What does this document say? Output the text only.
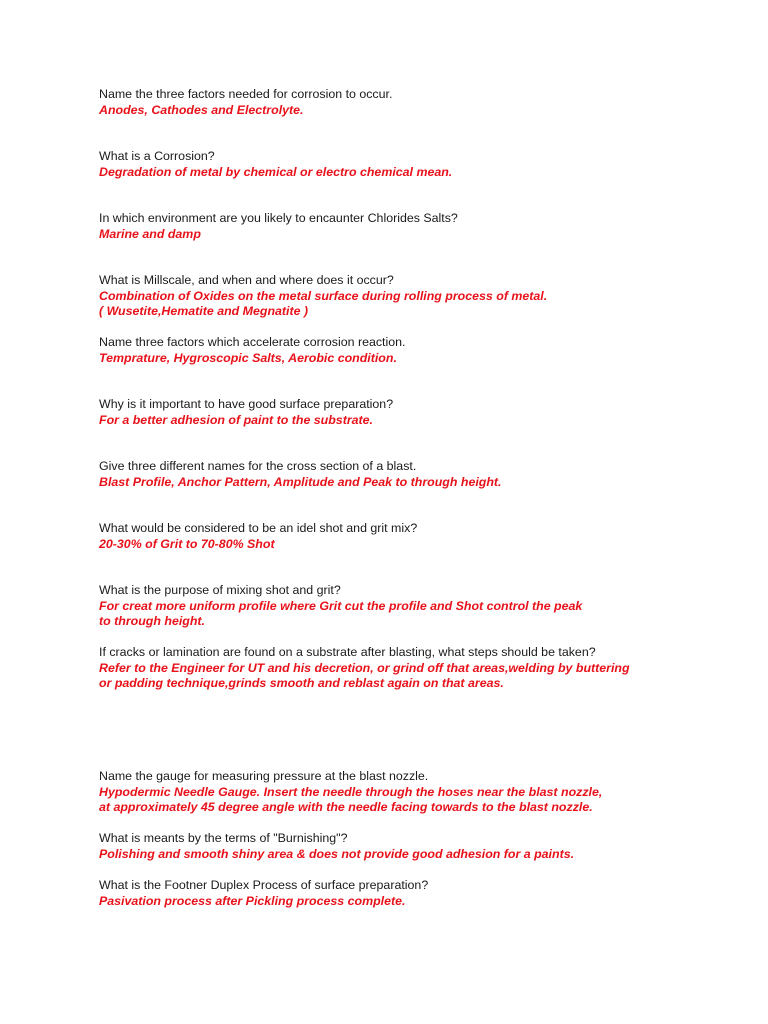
Name the three factors needed for corrosion to occur.
Anodes, Cathodes and Electrolyte.
What is a Corrosion?
Degradation of metal by chemical or electro chemical mean.
In which environment are you likely to encaunter Chlorides Salts?
Marine and damp
What is Millscale, and when and where does it occur?
Combination of Oxides on the metal surface during rolling process of metal.
( Wusetite,Hematite and Megnatite )
Name three factors which accelerate corrosion reaction.
Temprature, Hygroscopic Salts, Aerobic condition.
Why is it important to have good surface preparation?
For a better adhesion of paint to the substrate.
Give three different names for the cross section of a blast.
Blast Profile, Anchor Pattern, Amplitude and Peak to through height.
What would be considered to be an idel shot and grit mix?
20-30% of Grit to 70-80% Shot
What is the purpose of mixing shot and grit?
For creat more uniform profile where Grit cut the profile and Shot control the peak
to through height.
If cracks or lamination are found on a substrate after blasting, what steps should be taken?
Refer to the Engineer for UT and his decretion, or grind off that areas,welding by buttering
or padding technique,grinds smooth and reblast again on that areas.
Name the gauge for measuring pressure at the blast nozzle.
Hypodermic Needle Gauge. Insert the needle through the hoses near the blast nozzle,
at approximately 45 degree angle with the needle facing towards to the blast nozzle.
What is meants by the terms of "Burnishing"?
Polishing and smooth shiny area & does not provide good adhesion for a paints.
What is the Footner Duplex Process of surface preparation?
Pasivation process after Pickling process complete.
